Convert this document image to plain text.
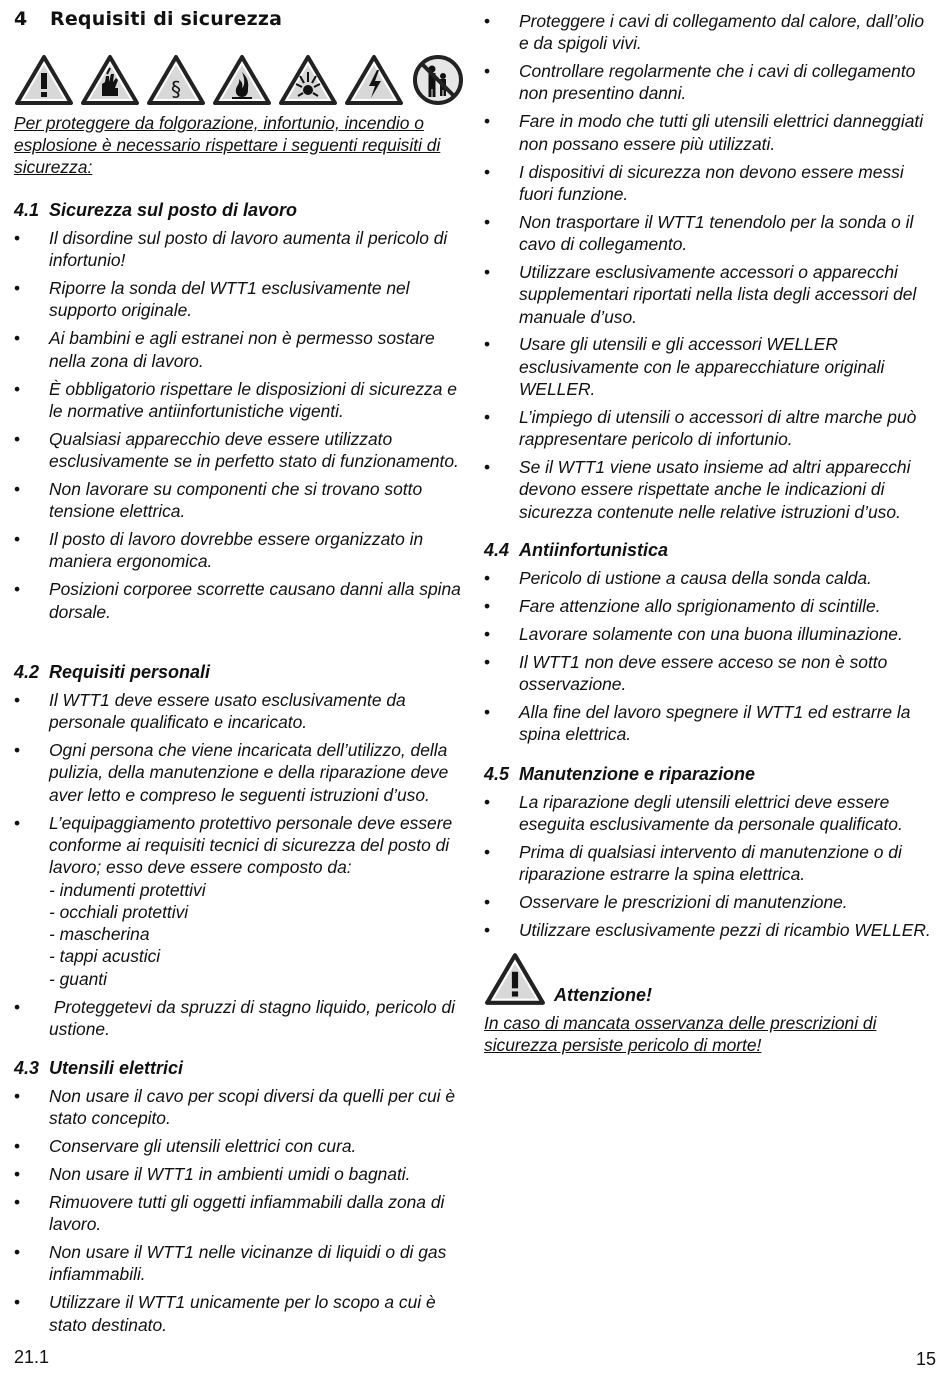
4 Requisiti di sicurezza
§
Per proteggere da folgorazione, infortunio, incendio o esplosione è necessario rispettare i seguenti requisiti di sicurezza:
4.1 Sicurezza sul posto di lavoro
• Il disordine sul posto di lavoro aumenta il pericolo di infortunio!
• Riporre la sonda del WTT1 esclusivamente nel supporto originale.
• Ai bambini e agli estranei non è permesso sostare nella zona di lavoro.
• È obbligatorio rispettare le disposizioni di sicurezza e le normative antiinfortunistiche vigenti.
• Qualsiasi apparecchio deve essere utilizzato esclusivamente se in perfetto stato di funzionamento.
• Non lavorare su componenti che si trovano sotto tensione elettrica.
• Il posto di lavoro dovrebbe essere organizzato in maniera ergonomica.
• Posizioni corporee scorrette causano danni alla spina dorsale.
4.2 Requisiti personali
• Il WTT1 deve essere usato esclusivamente da personale qualificato e incaricato.
• Ogni persona che viene incaricata dell’utilizzo, della pulizia, della manutenzione e della riparazione deve aver letto e compreso le seguenti istruzioni d’uso.
• L’equipaggiamento protettivo personale deve essere conforme ai requisiti tecnici di sicurezza del posto di lavoro; esso deve essere composto da:
- indumenti protettivi
- occhiali protettivi
- mascherina
- tappi acustici
- guanti
•  Proteggetevi da spruzzi di stagno liquido, pericolo di ustione.
4.3 Utensili elettrici
• Non usare il cavo per scopi diversi da quelli per cui è stato concepito.
• Conservare gli utensili elettrici con cura.
• Non usare il WTT1 in ambienti umidi o bagnati.
• Rimuovere tutti gli oggetti infiammabili dalla zona di lavoro.
• Non usare il WTT1 nelle vicinanze di liquidi o di gas infiammabili.
• Utilizzare il WTT1 unicamente per lo scopo a cui è stato destinato.
• Proteggere i cavi di collegamento dal calore, dall’olio e da spigoli vivi.
• Controllare regolarmente che i cavi di collegamento non presentino danni.
• Fare in modo che tutti gli utensili elettrici danneggiati non possano essere più utilizzati.
• I dispositivi di sicurezza non devono essere messi fuori funzione.
• Non trasportare il WTT1 tenendolo per la sonda o il cavo di collegamento.
• Utilizzare esclusivamente accessori o apparecchi supplementari riportati nella lista degli accessori del manuale d’uso.
• Usare gli utensili e gli accessori WELLER esclusivamente con le apparecchiature originali WELLER.
• L’impiego di utensili o accessori di altre marche può rappresentare pericolo di infortunio.
• Se il WTT1 viene usato insieme ad altri apparecchi devono essere rispettate anche le indicazioni di sicurezza contenute nelle relative istruzioni d’uso.
4.4 Antiinfortunistica
• Pericolo di ustione a causa della sonda calda.
• Fare attenzione allo sprigionamento di scintille.
• Lavorare solamente con una buona illuminazione.
• Il WTT1 non deve essere acceso se non è sotto osservazione.
• Alla fine del lavoro spegnere il WTT1 ed estrarre la spina elettrica.
4.5 Manutenzione e riparazione
• La riparazione degli utensili elettrici deve essere eseguita esclusivamente da personale qualificato.
• Prima di qualsiasi intervento di manutenzione o di riparazione estrarre la spina elettrica.
• Osservare le prescrizioni di manutenzione.
• Utilizzare esclusivamente pezzi di ricambio WELLER.
Attenzione!
In caso di mancata osservanza delle prescrizioni di sicurezza persiste pericolo di morte!
21.1	15
